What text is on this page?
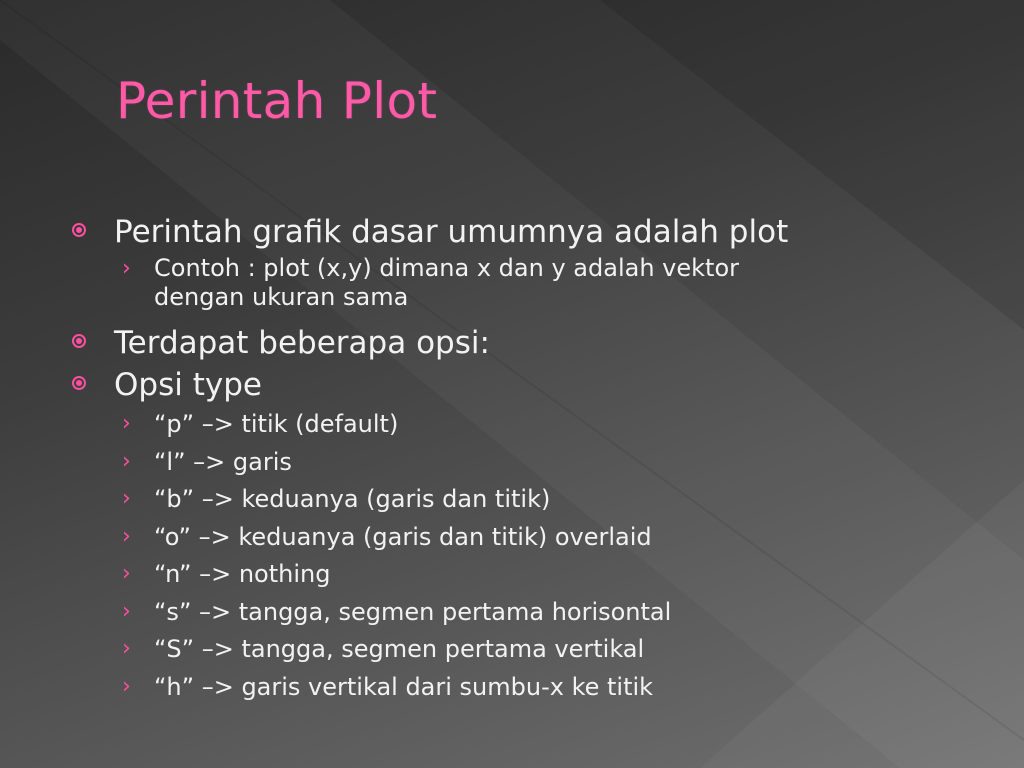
Perintah Plot
Perintah grafik dasar umumnya adalah plot
› Contoh : plot (x,y) dimana x dan y adalah vektor
dengan ukuran sama
Terdapat beberapa opsi:
Opsi type
› “p” –> titik (default)
› “l” –> garis
› “b” –> keduanya (garis dan titik)
› “o” –> keduanya (garis dan titik) overlaid
› “n” –> nothing
› “s” –> tangga, segmen pertama horisontal
› “S” –> tangga, segmen pertama vertikal
› “h” –> garis vertikal dari sumbu-x ke titik
